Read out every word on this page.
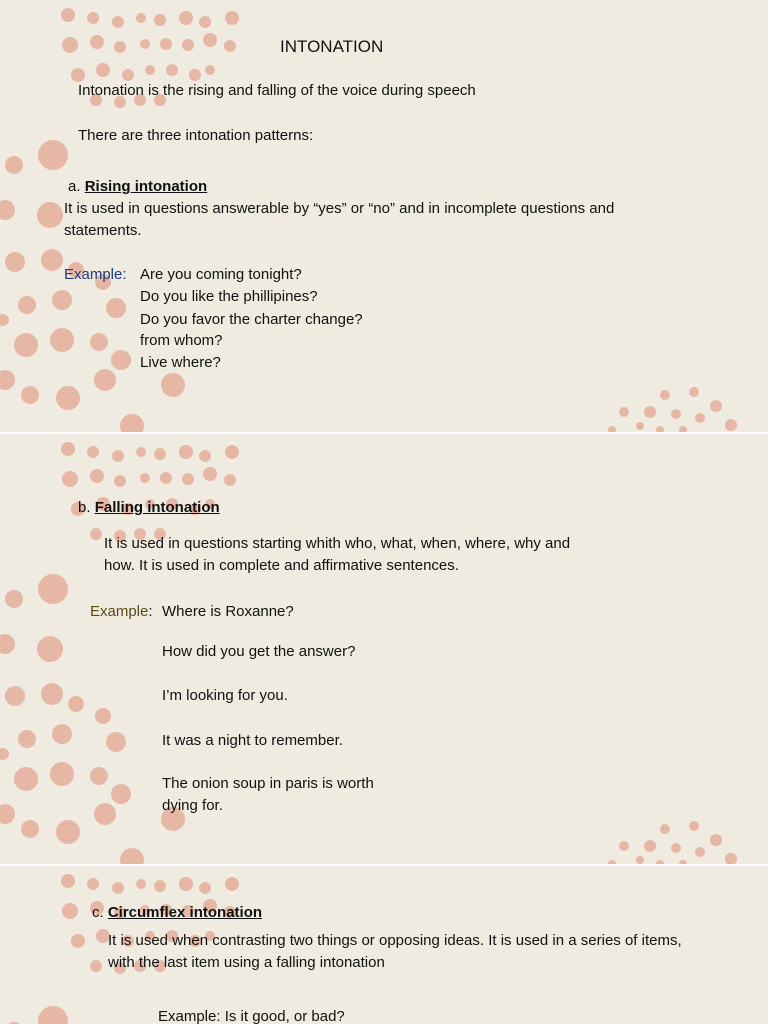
INTONATION
Intonation is the rising and falling of the voice during speech
There are three intonation patterns:
a. Rising intonation
It is used in questions answerable by “yes” or “no” and in incomplete questions and
statements.
Example: Are you coming tonight?
Do you like the phillipines?
Do you favor the charter change?
from whom?
Live where?
b. Falling intonation
It is used in questions starting whith who, what, when, where, why and
how. It is used in complete and affirmative sentences.
Example: Where is Roxanne?
How did you get the answer?
I’m looking for you.
It was a night to remember.
The onion soup in paris is worth
dying for.
c. Circumflex intonation
It is used when contrasting two things or opposing ideas. It is used in a series of items,
with the last item using a falling intonation
Example: Is it good, or bad?
